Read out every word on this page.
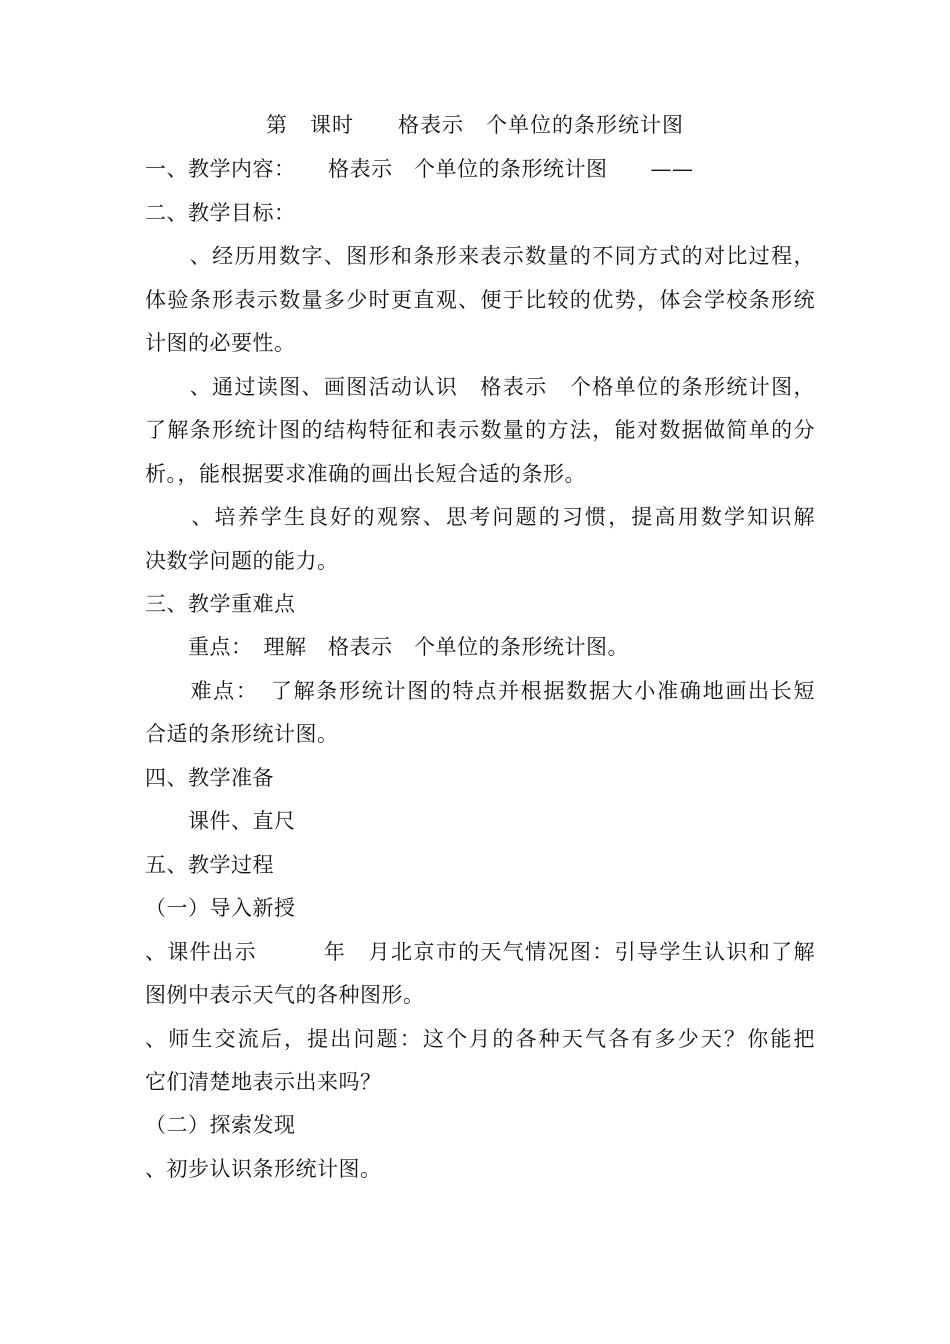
第　课时　　格表示　个单位的条形统计图
一、教学内容：　　格表示　个单位的条形统计图　　——
二、教学目标：
　　、经历用数字、图形和条形来表示数量的不同方式的对比过程，
体验条形表示数量多少时更直观、便于比较的优势，体会学校条形统
计图的必要性。
　　、通过读图、画图活动认识　格表示　个格单位的条形统计图，
了解条形统计图的结构特征和表示数量的方法，能对数据做简单的分
析。，能根据要求准确的画出长短合适的条形。
　　、培养学生良好的观察、思考问题的习惯，提高用数学知识解
决数学问题的能力。
三、教学重难点
　　重点：　理解　格表示　个单位的条形统计图。
　　难点：　了解条形统计图的特点并根据数据大小准确地画出长短
合适的条形统计图。
四、教学准备
　　课件、直尺
五、教学过程
（一）导入新授
、课件出示　　　年　月北京市的天气情况图：引导学生认识和了解
图例中表示天气的各种图形。
、师生交流后，提出问题：这个月的各种天气各有多少天？你能把
它们清楚地表示出来吗？
（二）探索发现
、初步认识条形统计图。
